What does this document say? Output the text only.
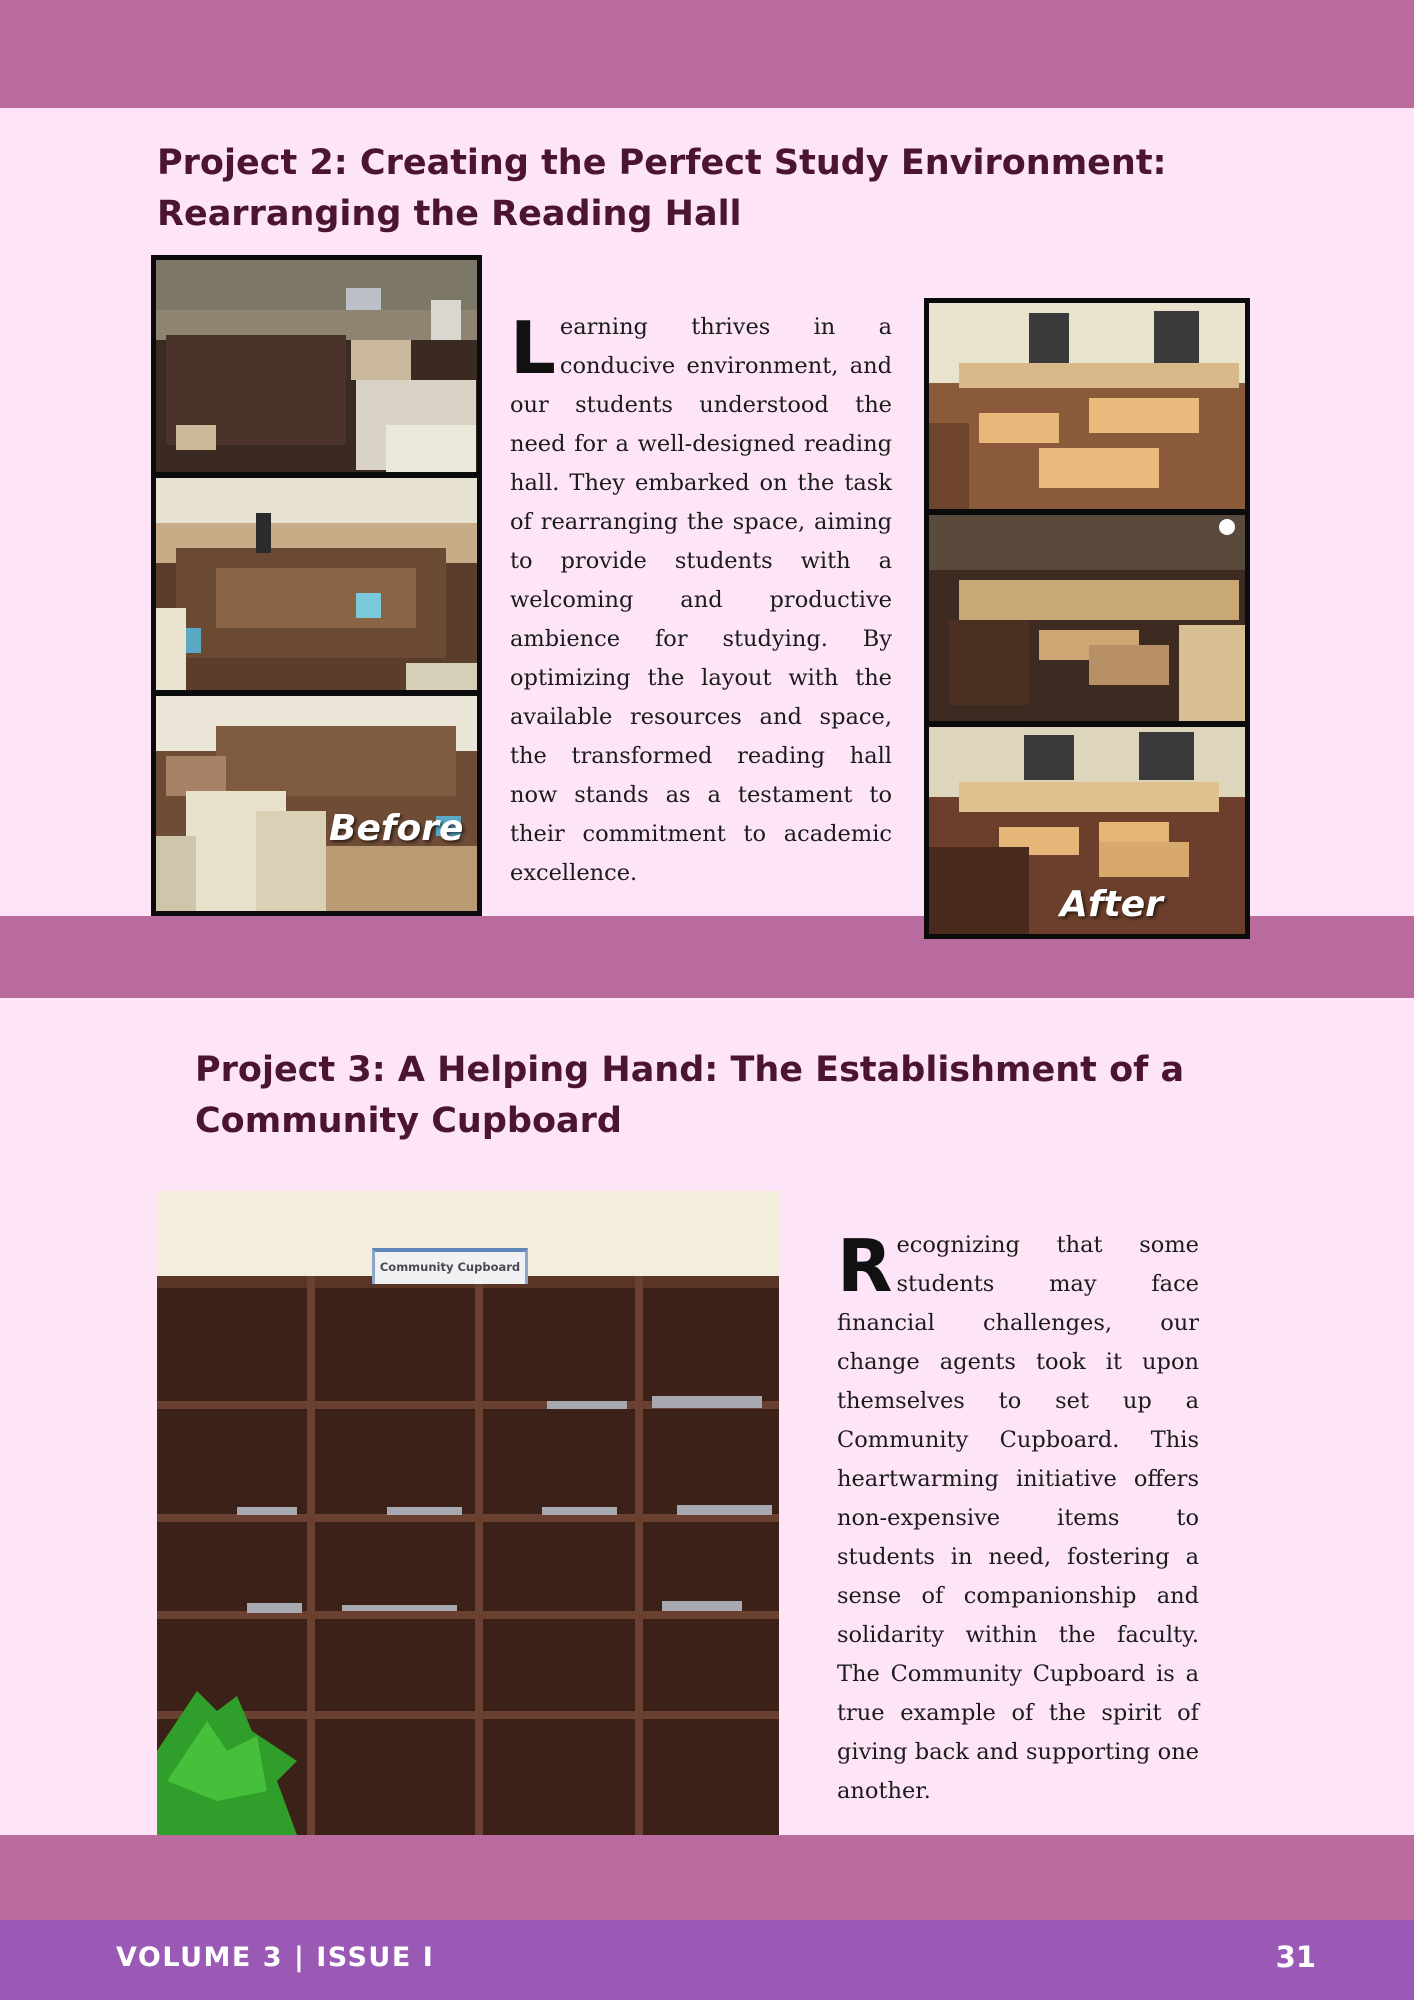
Project 2: Creating the Perfect Study Environment: Rearranging the Reading Hall
Before
Learning thrives in a conducive environment, and our students understood the need for a well-designed reading hall. They embarked on the task of rearranging the space, aiming to provide students with a welcoming and productive ambience for studying. By optimizing the layout with the available resources and space, the transformed reading hall now stands as a testament to their commitment to academic excellence.
After
Project 3: A Helping Hand: The Establishment of a Community Cupboard
Community Cupboard	Recognizing that some students may face financial challenges, our change agents took it upon themselves to set up a Community Cupboard. This heartwarming initiative offers non-expensive items to students in need, fostering a sense of companionship and solidarity within the faculty. The Community Cupboard is a true example of the spirit of giving back and supporting one another.
VOLUME 3 | ISSUE I	31
